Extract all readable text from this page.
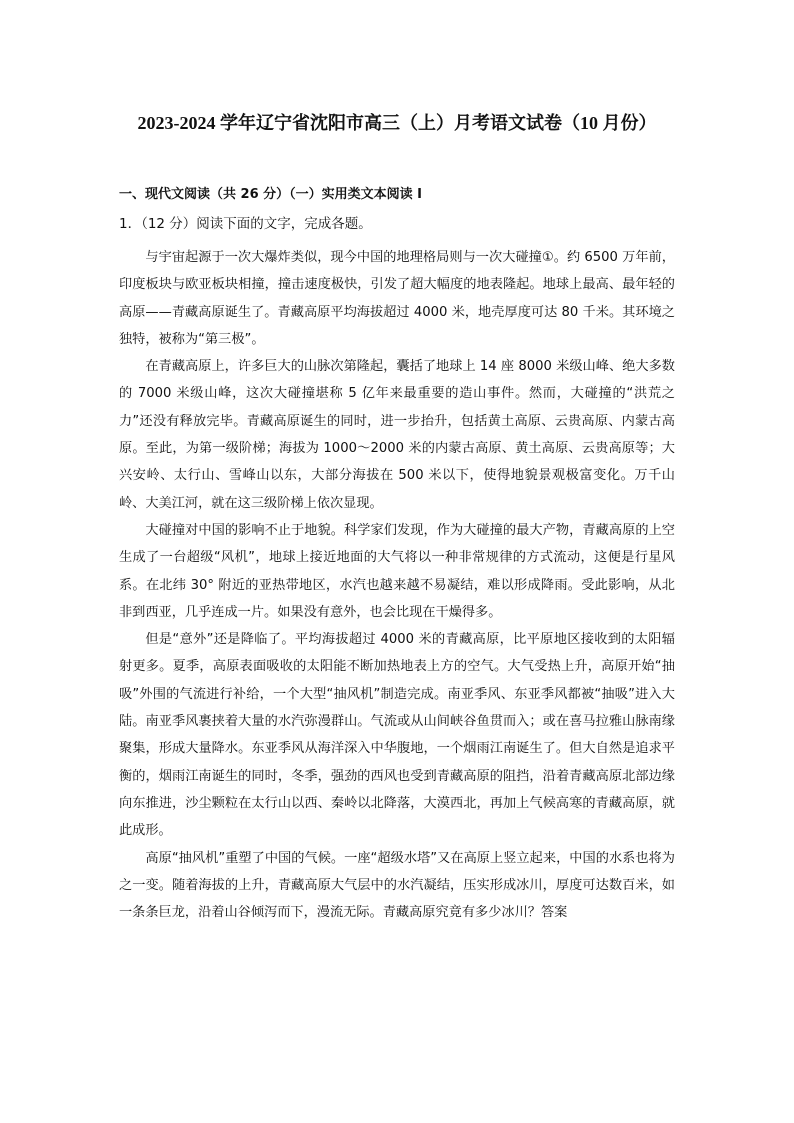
2023-2024 学年辽宁省沈阳市高三（上）月考语文试卷（10 月份）
一、现代文阅读（共 26 分）（一）实用类文本阅读 I
1．（12 分）阅读下面的文字，完成各题。

与宇宙起源于一次大爆炸类似，现今中国的地理格局则与一次大碰撞①。约 6500 万年前，印度板块与欧亚板块相撞，撞击速度极快，引发了超大幅度的地表隆起。地球上最高、最年轻的高原——青藏高原诞生了。青藏高原平均海拔超过 4000 米，地壳厚度可达 80 千米。其环境之独特，被称为“第三极”。

在青藏高原上，许多巨大的山脉次第隆起，囊括了地球上 14 座 8000 米级山峰、绝大多数的 7000 米级山峰，这次大碰撞堪称 5 亿年来最重要的造山事件。然而，大碰撞的“洪荒之力”还没有释放完毕。青藏高原诞生的同时，进一步抬升，包括黄土高原、云贵高原、内蒙古高原。至此，为第一级阶梯；海拔为 1000～2000 米的内蒙古高原、黄土高原、云贵高原等；大兴安岭、太行山、雪峰山以东，大部分海拔在 500 米以下，使得地貌景观极富变化。万千山岭、大美江河，就在这三级阶梯上依次显现。

大碰撞对中国的影响不止于地貌。科学家们发现，作为大碰撞的最大产物，青藏高原的上空生成了一台超级“风机”，地球上接近地面的大气将以一种非常规律的方式流动，这便是行星风系。在北纬 30° 附近的亚热带地区，水汽也越来越不易凝结，难以形成降雨。受此影响，从北非到西亚，几乎连成一片。如果没有意外，也会比现在干燥得多。

但是“意外”还是降临了。平均海拔超过 4000 米的青藏高原，比平原地区接收到的太阳辐射更多。夏季，高原表面吸收的太阳能不断加热地表上方的空气。大气受热上升，高原开始“抽吸”外围的气流进行补给，一个大型“抽风机”制造完成。南亚季风、东亚季风都被“抽吸”进入大陆。南亚季风裹挟着大量的水汽弥漫群山。气流或从山间峡谷鱼贯而入；或在喜马拉雅山脉南缘聚集，形成大量降水。东亚季风从海洋深入中华腹地，一个烟雨江南诞生了。但大自然是追求平衡的，烟雨江南诞生的同时，冬季，强劲的西风也受到青藏高原的阻挡，沿着青藏高原北部边缘向东推进，沙尘颗粒在太行山以西、秦岭以北降落，大漠西北，再加上气候高寒的青藏高原，就此成形。

高原“抽风机”重塑了中国的气候。一座“超级水塔”又在高原上竖立起来，中国的水系也将为之一变。随着海拔的上升，青藏高原大气层中的水汽凝结，压实形成冰川，厚度可达数百米，如一条条巨龙，沿着山谷倾泻而下，漫流无际。青藏高原究竟有多少冰川？答案
